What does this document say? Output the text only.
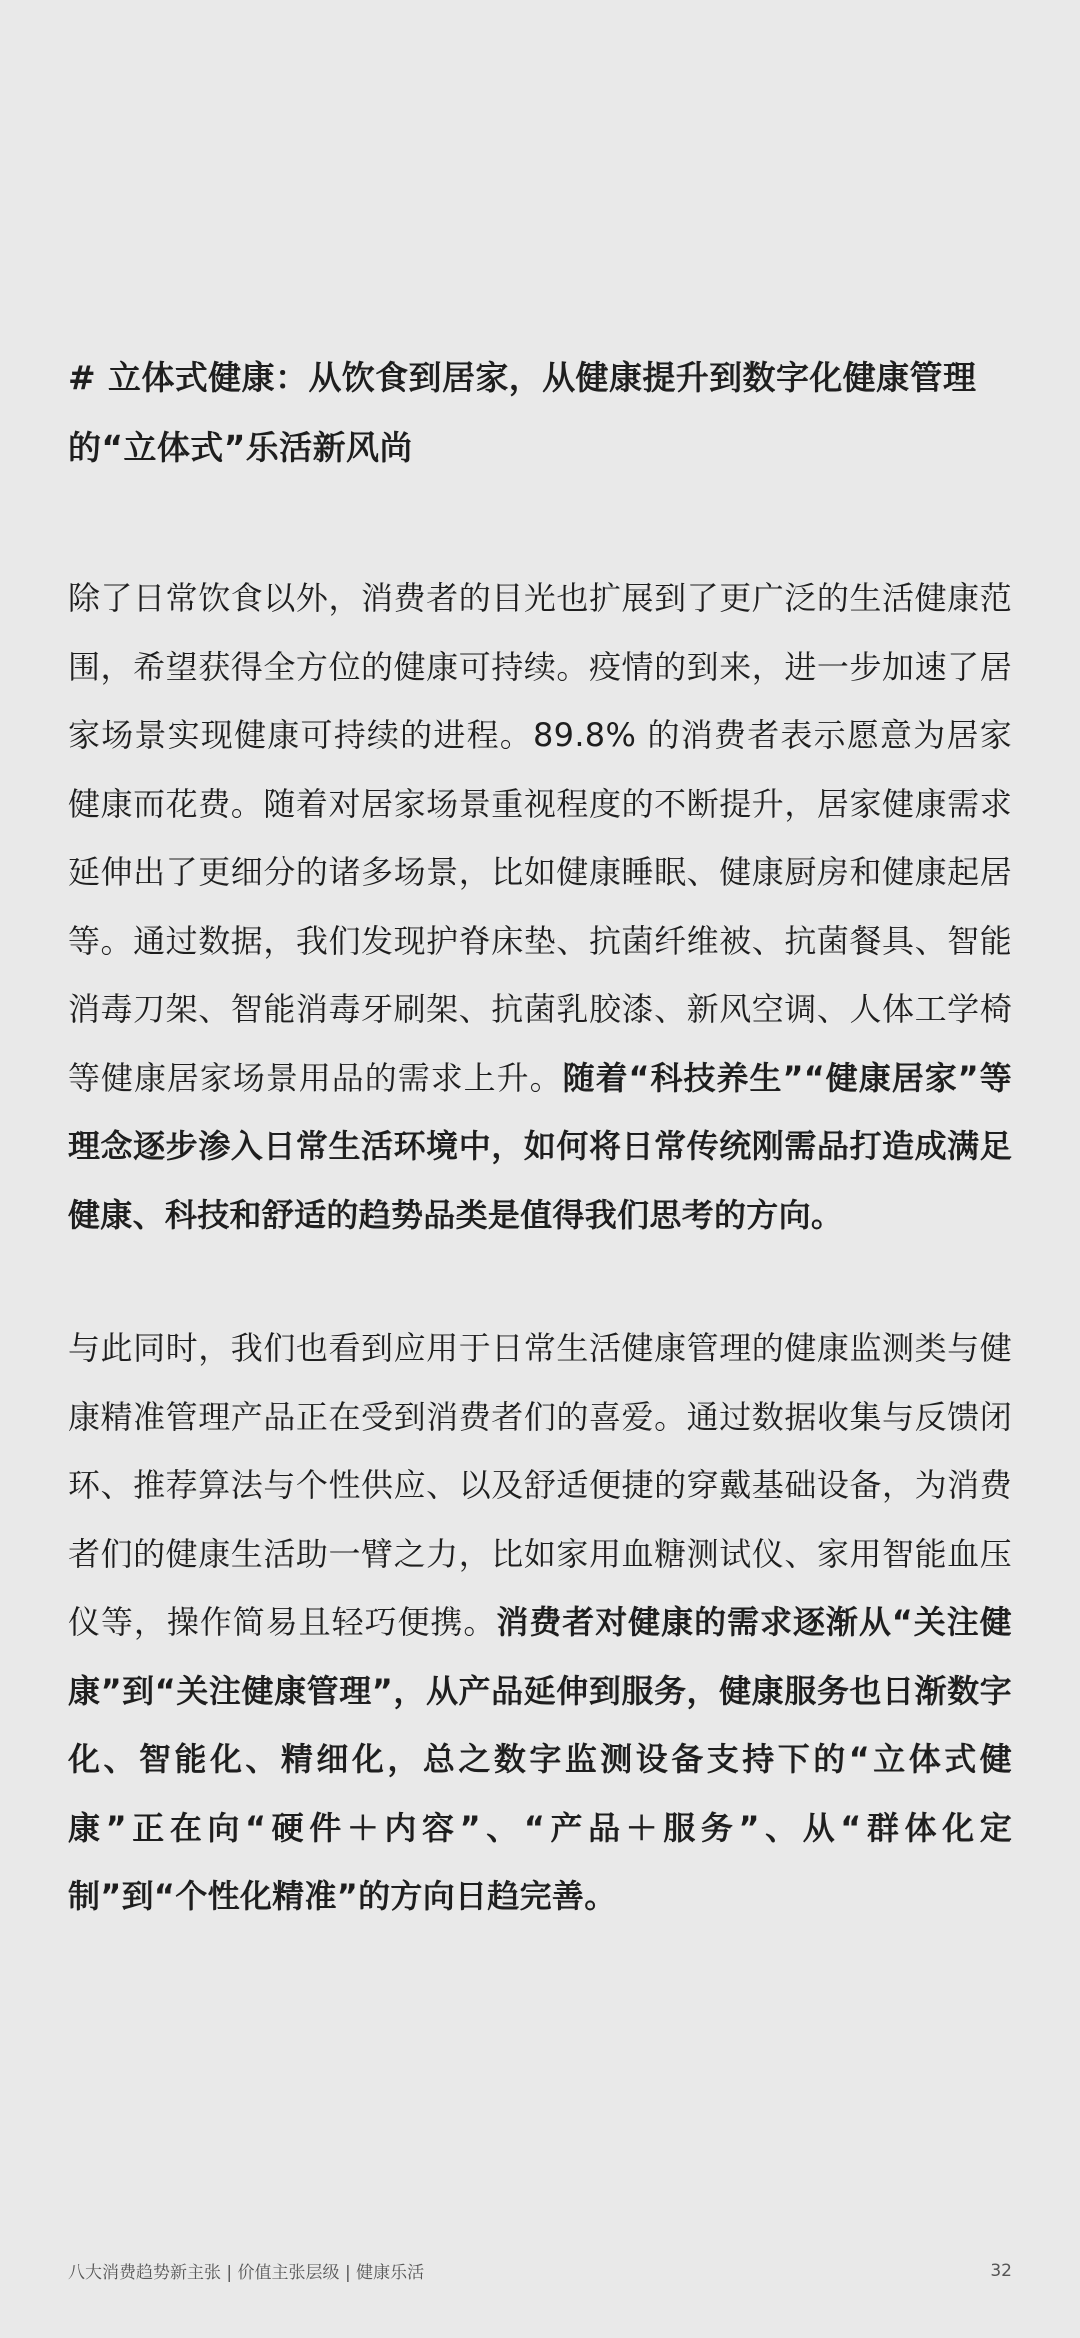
# 立体式健康：从饮食到居家，从健康提升到数字化健康管理的“立体式”乐活新风尚

除了日常饮食以外，消费者的目光也扩展到了更广泛的生活健康范围，希望获得全方位的健康可持续。疫情的到来，进一步加速了居家场景实现健康可持续的进程。89.8% 的消费者表示愿意为居家健康而花费。随着对居家场景重视程度的不断提升，居家健康需求延伸出了更细分的诸多场景，比如健康睡眠、健康厨房和健康起居等。通过数据，我们发现护脊床垫、抗菌纤维被、抗菌餐具、智能消毒刀架、智能消毒牙刷架、抗菌乳胶漆、新风空调、人体工学椅等健康居家场景用品的需求上升。随着“科技养生”“健康居家”等理念逐步渗入日常生活环境中，如何将日常传统刚需品打造成满足健康、科技和舒适的趋势品类是值得我们思考的方向。

与此同时，我们也看到应用于日常生活健康管理的健康监测类与健康精准管理产品正在受到消费者们的喜爱。通过数据收集与反馈闭环、推荐算法与个性供应、以及舒适便捷的穿戴基础设备，为消费者们的健康生活助一臂之力，比如家用血糖测试仪、家用智能血压仪等，操作简易且轻巧便携。消费者对健康的需求逐渐从“关注健康”到“关注健康管理”，从产品延伸到服务，健康服务也日渐数字化、智能化、精细化，总之数字监测设备支持下的“立体式健康”正在向“硬件＋内容”、“产品＋服务”、从“群体化定制”到“个性化精准”的方向日趋完善。

八大消费趋势新主张 | 价值主张层级 | 健康乐活	32
